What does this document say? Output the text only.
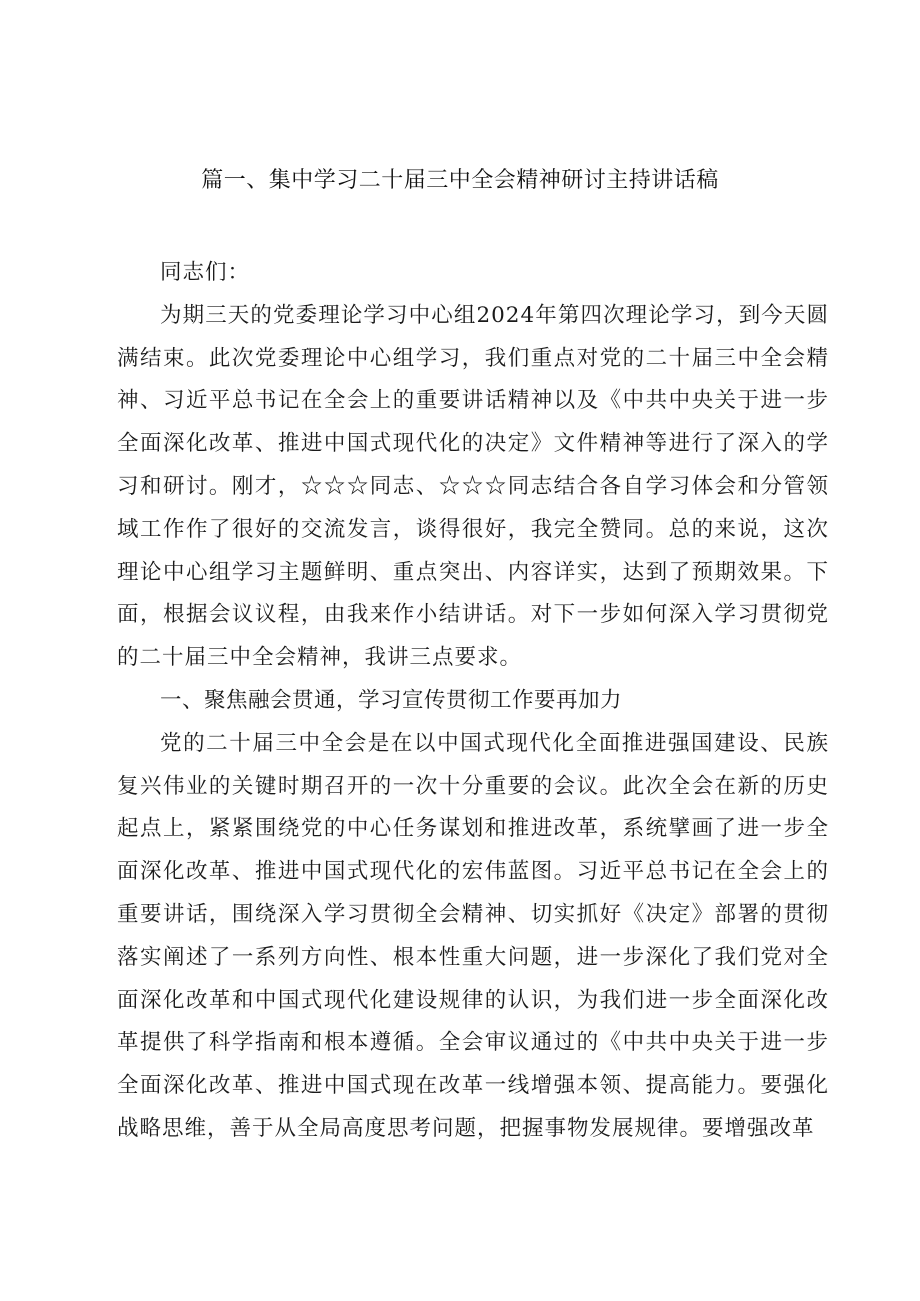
篇一、集中学习二十届三中全会精神研讨主持讲话稿

同志们：

为期三天的党委理论学习中心组2024年第四次理论学习，到今天圆满结束。此次党委理论中心组学习，我们重点对党的二十届三中全会精神、习近平总书记在全会上的重要讲话精神以及《中共中央关于进一步全面深化改革、推进中国式现代化的决定》文件精神等进行了深入的学习和研讨。刚才，☆☆☆同志、☆☆☆同志结合各自学习体会和分管领域工作作了很好的交流发言，谈得很好，我完全赞同。总的来说，这次理论中心组学习主题鲜明、重点突出、内容详实，达到了预期效果。下面，根据会议议程，由我来作小结讲话。对下一步如何深入学习贯彻党的二十届三中全会精神，我讲三点要求。

一、聚焦融会贯通，学习宣传贯彻工作要再加力

党的二十届三中全会是在以中国式现代化全面推进强国建设、民族复兴伟业的关键时期召开的一次十分重要的会议。此次全会在新的历史起点上，紧紧围绕党的中心任务谋划和推进改革，系统擘画了进一步全面深化改革、推进中国式现代化的宏伟蓝图。习近平总书记在全会上的重要讲话，围绕深入学习贯彻全会精神、切实抓好《决定》部署的贯彻落实阐述了一系列方向性、根本性重大问题，进一步深化了我们党对全面深化改革和中国式现代化建设规律的认识，为我们进一步全面深化改革提供了科学指南和根本遵循。全会审议通过的《中共中央关于进一步全面深化改革、推进中国式现在改革一线增强本领、提高能力。要强化战略思维，善于从全局高度思考问题，把握事物发展规律。要增强改革
